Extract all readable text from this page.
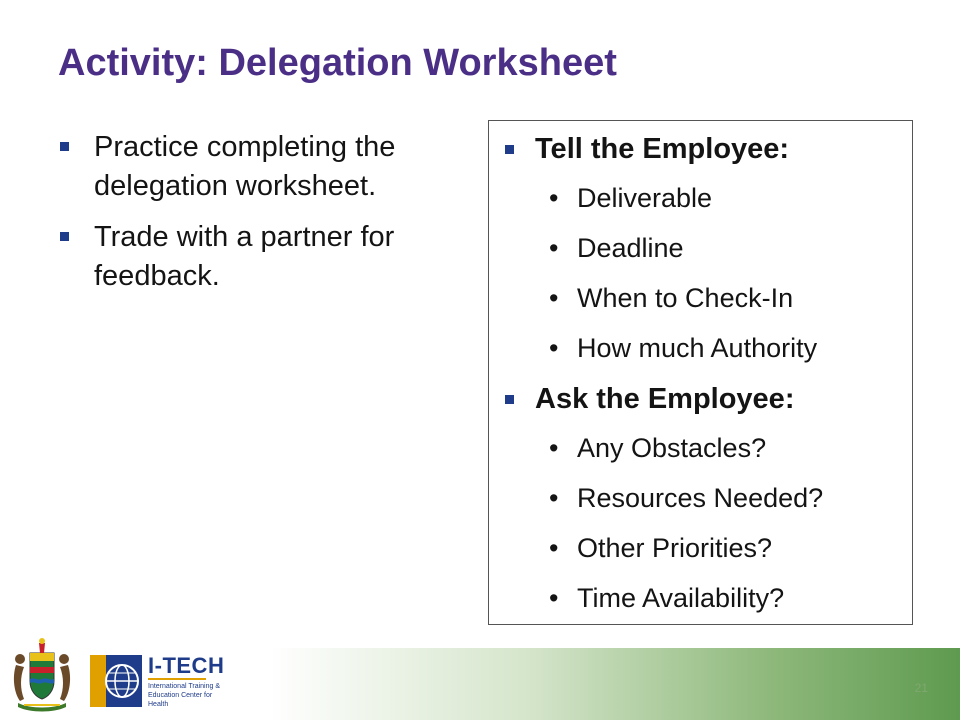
Activity: Delegation Worksheet
Practice completing the delegation worksheet.
Trade with a partner for feedback.
Tell the Employee:
• Deliverable
• Deadline
• When to Check-In
• How much Authority
Ask the Employee:
• Any Obstacles?
• Resources Needed?
• Other Priorities?
• Time Availability?
21
I-TECH
International Training & Education Center for Health
